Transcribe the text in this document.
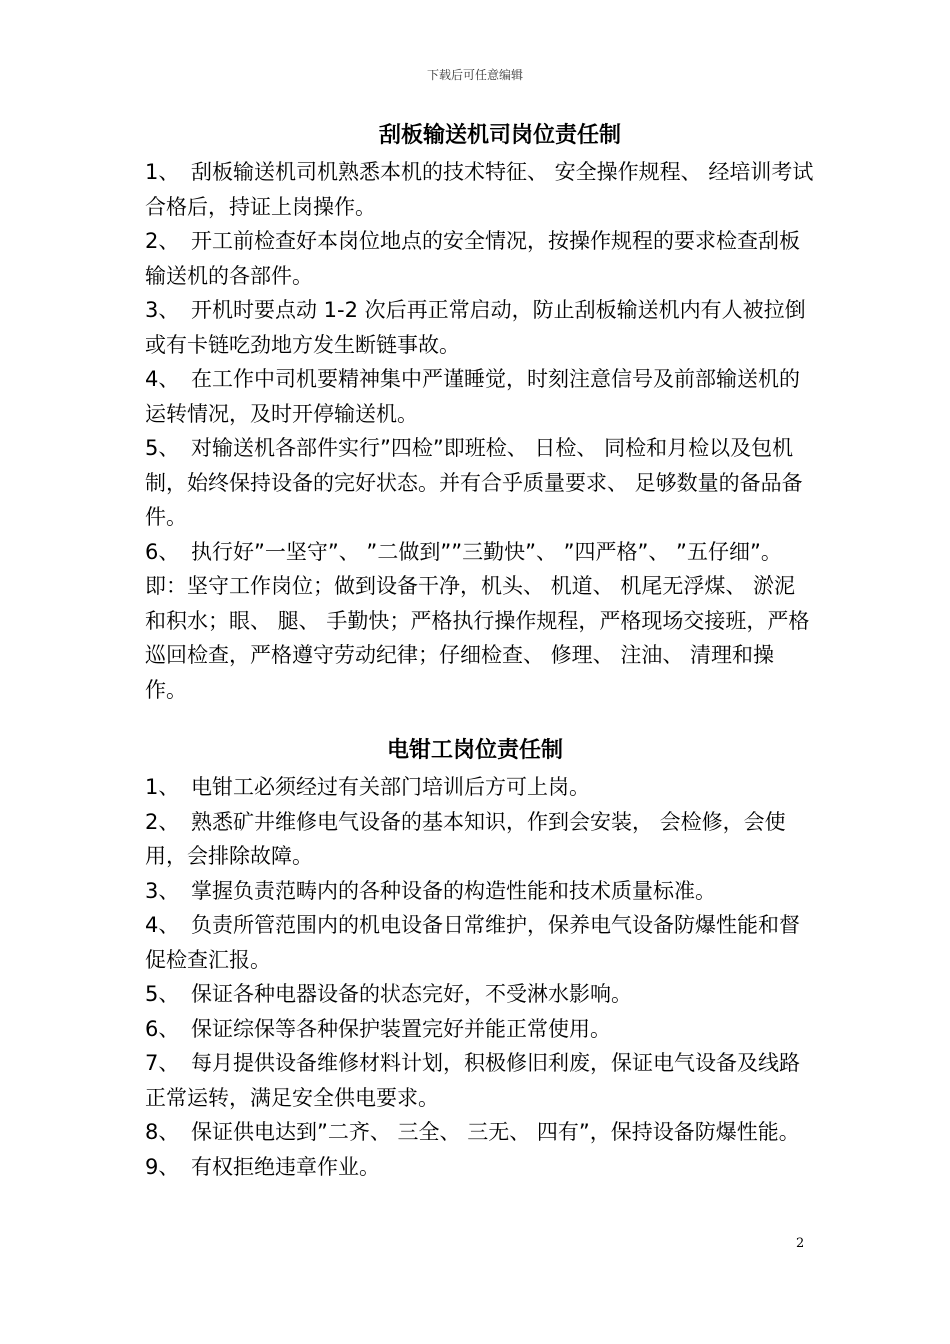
下载后可任意编辑
刮板输送机司岗位责任制

1、 刮板输送机司机熟悉本机的技术特征、 安全操作规程、 经培训考试合格后，持证上岗操作。

2、 开工前检查好本岗位地点的安全情况，按操作规程的要求检查刮板输送机的各部件。

3、 开机时要点动 1-2 次后再正常启动，防止刮板输送机内有人被拉倒或有卡链吃劲地方发生断链事故。

4、 在工作中司机要精神集中严谨睡觉，时刻注意信号及前部输送机的运转情况，及时开停输送机。

5、 对输送机各部件实行”四检”即班检、 日检、 同检和月检以及包机制，始终保持设备的完好状态。并有合乎质量要求、 足够数量的备品备件。

6、 执行好”一坚守”、 ”二做到””三勤快”、 ”四严格”、 ”五仔细”。即：坚守工作岗位；做到设备干净，机头、 机道、 机尾无浮煤、 淤泥和积水；眼、 腿、 手勤快；严格执行操作规程，严格现场交接班，严格巡回检查，严格遵守劳动纪律；仔细检查、 修理、 注油、 清理和操作。

电钳工岗位责任制

1、 电钳工必须经过有关部门培训后方可上岗。

2、 熟悉矿井维修电气设备的基本知识，作到会安装， 会检修，会使用，会排除故障。

3、 掌握负责范畴内的各种设备的构造性能和技术质量标准。

4、 负责所管范围内的机电设备日常维护，保养电气设备防爆性能和督促检查汇报。

5、 保证各种电器设备的状态完好，不受淋水影响。

6、 保证综保等各种保护装置完好并能正常使用。

7、 每月提供设备维修材料计划，积极修旧利废，保证电气设备及线路正常运转，满足安全供电要求。

8、 保证供电达到”二齐、 三全、 三无、 四有”，保持设备防爆性能。

9、 有权拒绝违章作业。

2
